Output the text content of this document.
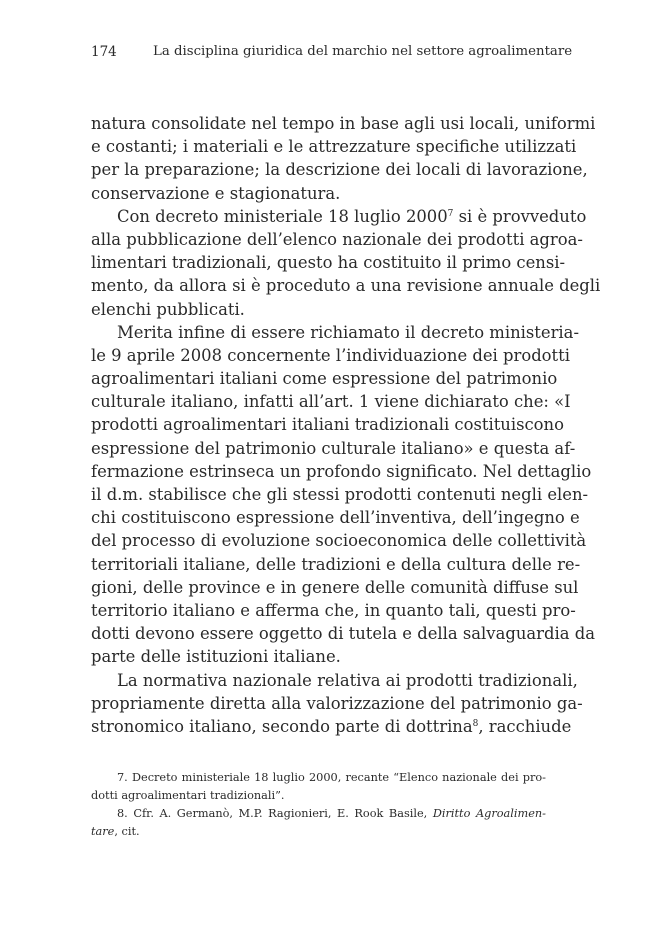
174	La disciplina giuridica del marchio nel settore agroalimentare
natura consolidate nel tempo in base agli usi locali, uniformi
e costanti; i materiali e le attrezzature specifiche utilizzati
per la preparazione; la descrizione dei locali di lavorazione,
conservazione e stagionatura.
Con decreto ministeriale 18 luglio 2000$^7$ si è provveduto
alla pubblicazione dell’elenco nazionale dei prodotti agroa-
limentari tradizionali, questo ha costituito il primo censi-
mento, da allora si è proceduto a una revisione annuale degli
elenchi pubblicati.
Merita infine di essere richiamato il decreto ministeria-
le 9 aprile 2008 concernente l’individuazione dei prodotti
agroalimentari italiani come espressione del patrimonio
culturale italiano, infatti all’art. 1 viene dichiarato che: «I
prodotti agroalimentari italiani tradizionali costituiscono
espressione del patrimonio culturale italiano» e questa af-
fermazione estrinseca un profondo significato. Nel dettaglio
il d.m. stabilisce che gli stessi prodotti contenuti negli elen-
chi costituiscono espressione dell’inventiva, dell’ingegno e
del processo di evoluzione socioeconomica delle collettività
territoriali italiane, delle tradizioni e della cultura delle re-
gioni, delle province e in genere delle comunità diffuse sul
territorio italiano e afferma che, in quanto tali, questi pro-
dotti devono essere oggetto di tutela e della salvaguardia da
parte delle istituzioni italiane.
La normativa nazionale relativa ai prodotti tradizionali,
propriamente diretta alla valorizzazione del patrimonio ga-
stronomico italiano, secondo parte di dottrina$^8$, racchiude
7. Decreto ministeriale 18 luglio 2000, recante “Elenco nazionale dei pro-
dotti agroalimentari tradizionali”.
8. Cfr. A. Germanò, M.P. Ragionieri, E. Rook Basile, Diritto Agroalimen-
tare, cit.
